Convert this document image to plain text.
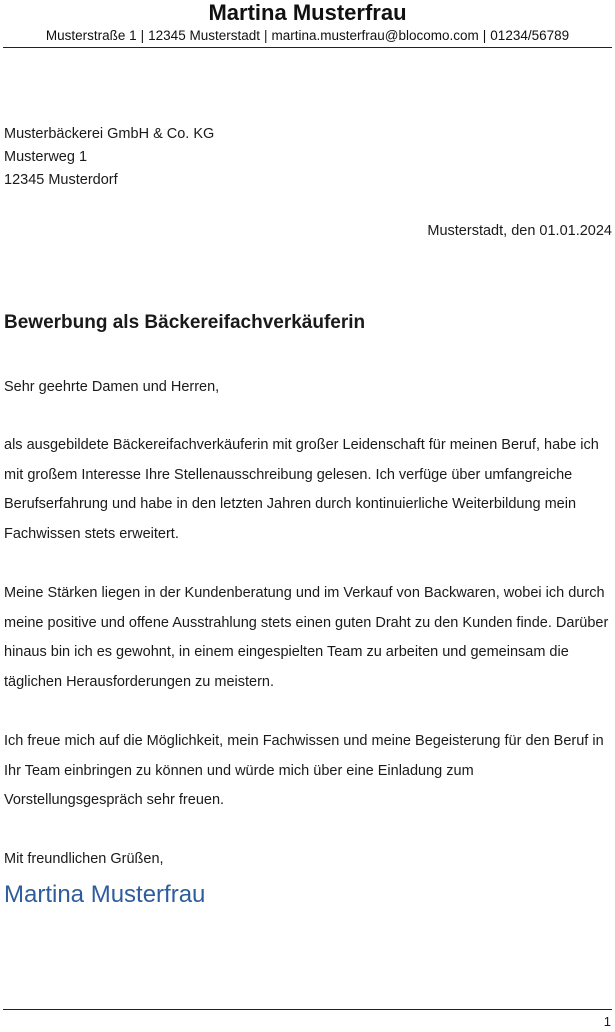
Martina Musterfrau
Musterstraße 1 | 12345 Musterstadt | martina.musterfrau@blocomo.com | 01234/56789
Musterbäckerei GmbH & Co. KG
Musterweg 1
12345 Musterdorf
Musterstadt, den 01.01.2024
Bewerbung als Bäckereifachverkäuferin
Sehr geehrte Damen und Herren,
als ausgebildete Bäckereifachverkäuferin mit großer Leidenschaft für meinen Beruf, habe ich mit großem Interesse Ihre Stellenausschreibung gelesen. Ich verfüge über umfangreiche Berufserfahrung und habe in den letzten Jahren durch kontinuierliche Weiterbildung mein Fachwissen stets erweitert.
Meine Stärken liegen in der Kundenberatung und im Verkauf von Backwaren, wobei ich durch meine positive und offene Ausstrahlung stets einen guten Draht zu den Kunden finde. Darüber hinaus bin ich es gewohnt, in einem eingespielten Team zu arbeiten und gemeinsam die täglichen Herausforderungen zu meistern.
Ich freue mich auf die Möglichkeit, mein Fachwissen und meine Begeisterung für den Beruf in Ihr Team einbringen zu können und würde mich über eine Einladung zum Vorstellungsgespräch sehr freuen.
Mit freundlichen Grüßen,
Martina Musterfrau
1
